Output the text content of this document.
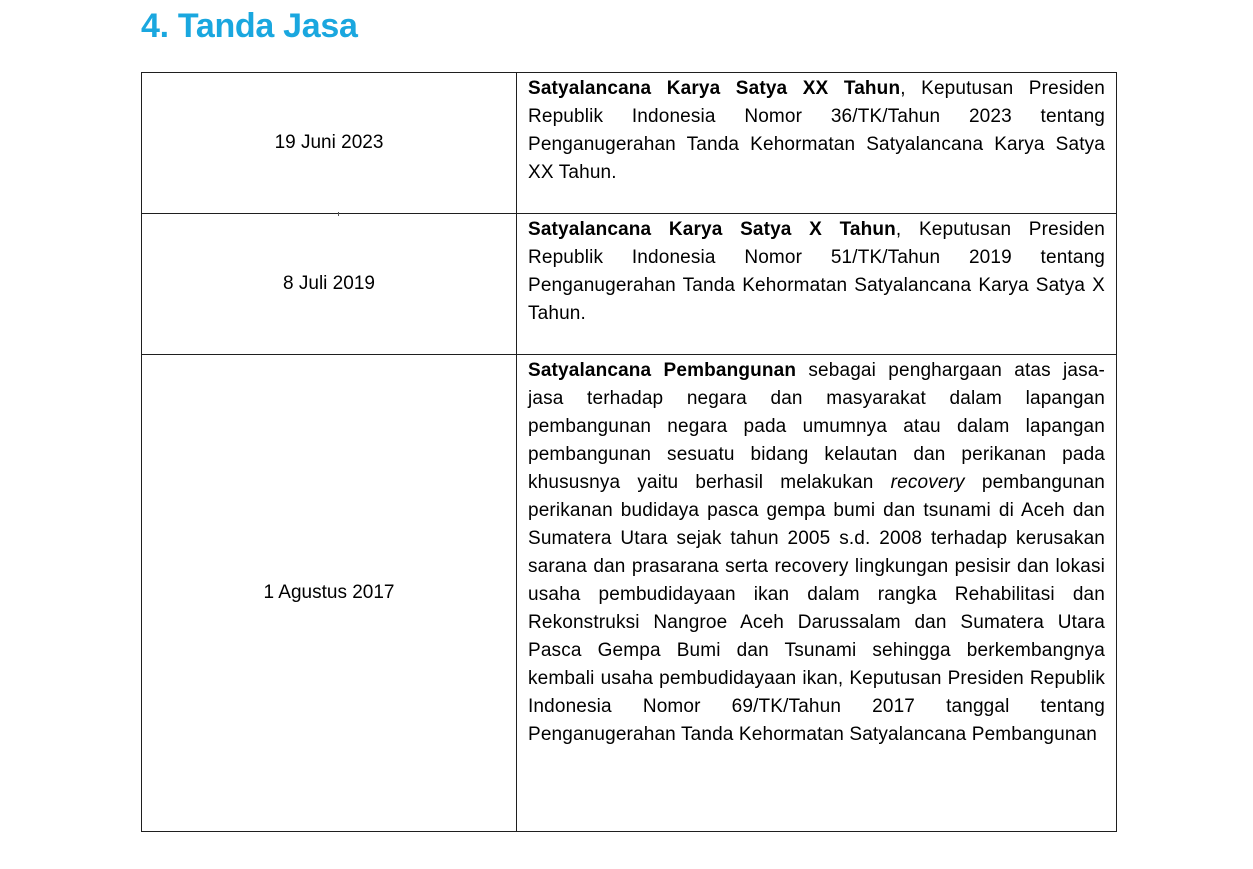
4. Tanda Jasa
19 Juni 2023	Satyalancana Karya Satya XX Tahun, Keputusan Presiden Republik Indonesia Nomor 36/TK/Tahun 2023 tentang Penganugerahan Tanda Kehormatan Satyalancana Karya Satya XX Tahun.
8 Juli 2019	Satyalancana Karya Satya X Tahun, Keputusan Presiden Republik Indonesia Nomor 51/TK/Tahun 2019 tentang Penganugerahan Tanda Kehormatan Satyalancana Karya Satya X Tahun.
1 Agustus 2017	Satyalancana Pembangunan sebagai penghargaan atas jasa-jasa terhadap negara dan masyarakat dalam lapangan pembangunan negara pada umumnya atau dalam lapangan pembangunan sesuatu bidang kelautan dan perikanan pada khususnya yaitu berhasil melakukan recovery pembangunan perikanan budidaya pasca gempa bumi dan tsunami di Aceh dan Sumatera Utara sejak tahun 2005 s.d. 2008 terhadap kerusakan sarana dan prasarana serta recovery lingkungan pesisir dan lokasi usaha pembudidayaan ikan dalam rangka Rehabilitasi dan Rekonstruksi Nangroe Aceh Darussalam dan Sumatera Utara Pasca Gempa Bumi dan Tsunami sehingga berkembangnya kembali usaha pembudidayaan ikan, Keputusan Presiden Republik Indonesia Nomor 69/TK/Tahun 2017 tanggal tentang Penganugerahan Tanda Kehormatan Satyalancana Pembangunan
